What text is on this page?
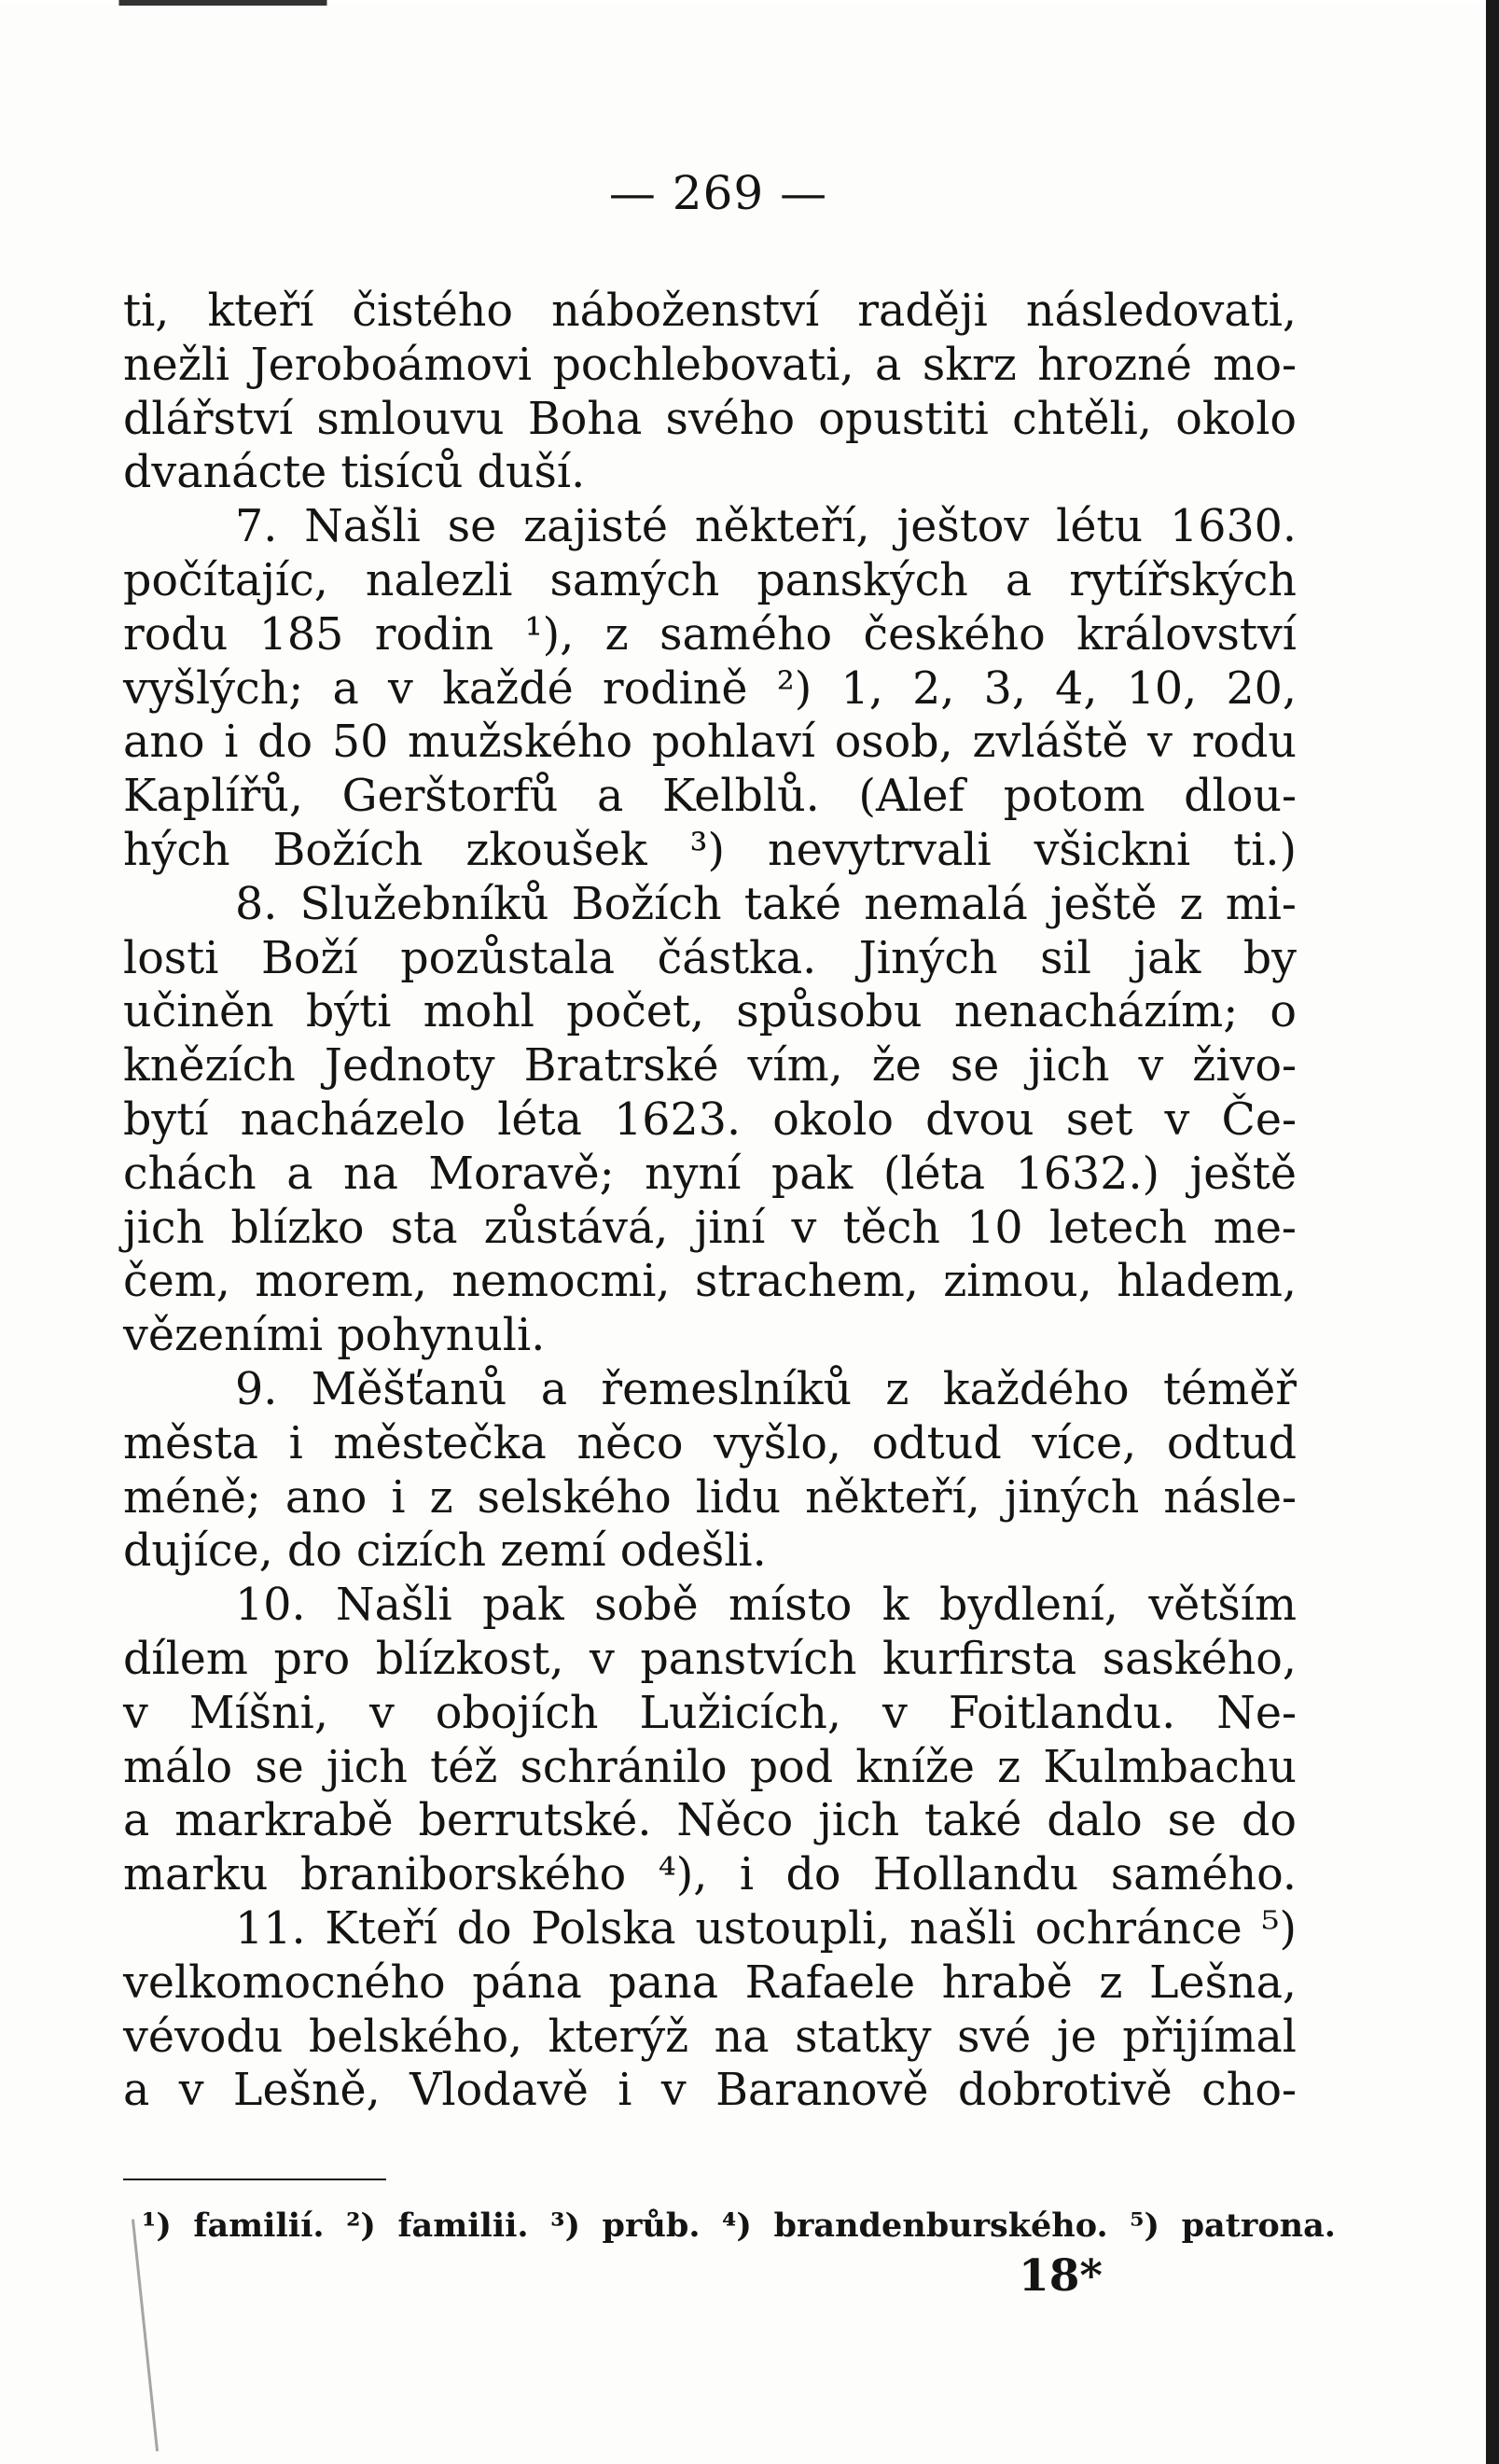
— 269 —
ti, kteří čistého náboženství raději následovati,
nežli Jeroboámovi pochlebovati, a skrz hrozné mo-
dlářství smlouvu Boha svého opustiti chtěli, okolo
dvanácte tisíců duší.
7. Našli se zajisté někteří, ještov létu 1630.
počítajíc, nalezli samých panských a rytířských
rodu 185 rodin ¹), z samého českého království
vyšlých; a v každé rodině ²) 1, 2, 3, 4, 10, 20,
ano i do 50 mužského pohlaví osob, zvláště v rodu
Kaplířů, Gerštorfů a Kelblů. (Alef potom dlou-
hých Božích zkoušek ³) nevytrvali všickni ti.)
8. Služebníků Božích také nemalá ještě z mi-
losti Boží pozůstala částka. Jiných sil jak by
učiněn býti mohl počet, spůsobu nenacházím; o
knězích Jednoty Bratrské vím, že se jich v živo-
bytí nacházelo léta 1623. okolo dvou set v Če-
chách a na Moravě; nyní pak (léta 1632.) ještě
jich blízko sta zůstává, jiní v těch 10 letech me-
čem, morem, nemocmi, strachem, zimou, hladem,
vězeními pohynuli.
9. Měšťanů a řemeslníků z každého téměř
města i městečka něco vyšlo, odtud více, odtud
méně; ano i z selského lidu někteří, jiných násle-
dujíce, do cizích zemí odešli.
10. Našli pak sobě místo k bydlení, větším
dílem pro blízkost, v panstvích kurfirsta saského,
v Míšni, v obojích Lužicích, v Foitlandu. Ne-
málo se jich též schránilo pod kníže z Kulmbachu
a markrabě berrutské. Něco jich také dalo se do
marku braniborského ⁴), i do Hollandu samého.
11. Kteří do Polska ustoupli, našli ochránce ⁵)
velkomocného pána pana Rafaele hrabě z Lešna,
vévodu belského, kterýž na statky své je přijímal
a v Lešně, Vlodavě i v Baranově dobrotivě cho-
¹) familií. ²) familii. ³) průb. ⁴) brandenburského. ⁵) patrona.
18*
